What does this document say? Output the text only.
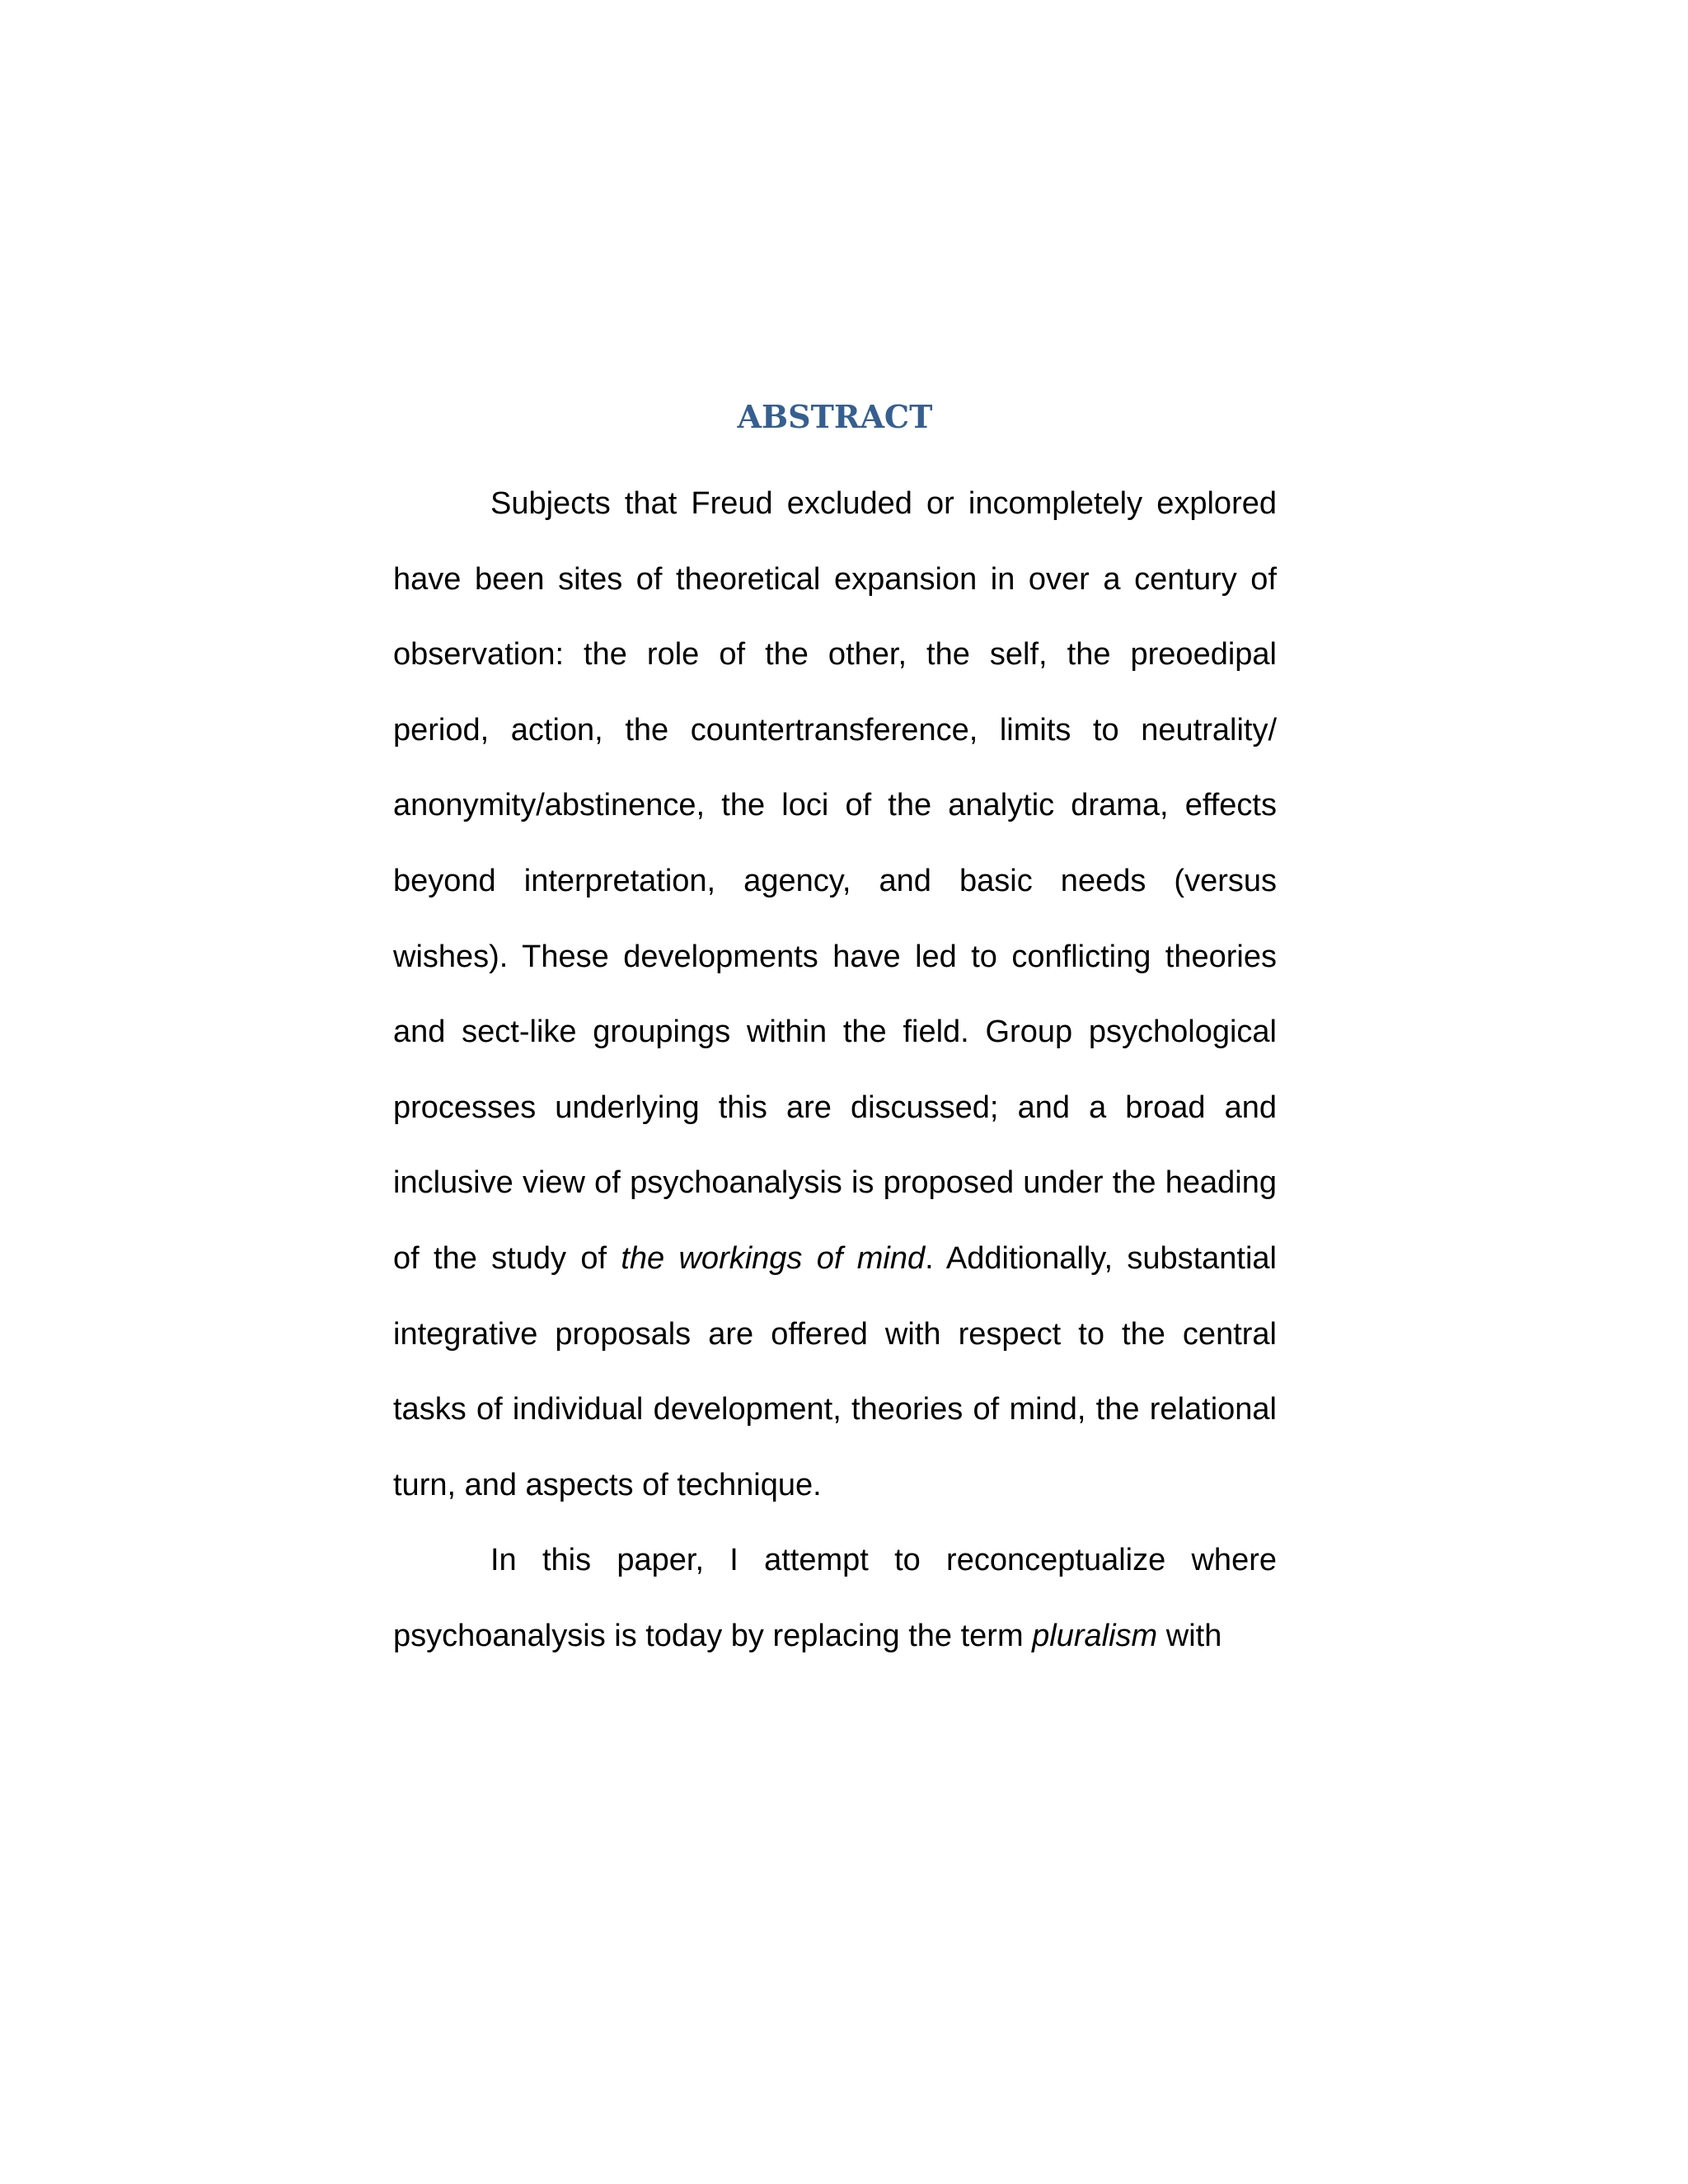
ABSTRACT

Subjects that Freud excluded or incompletely explored have been sites of theoretical expansion in over a century of observation: the role of the other, the self, the preoedipal period, action, the countertransference, limits to neutrality/ anonymity/abstinence, the loci of the analytic drama, effects beyond interpretation, agency, and basic needs (versus wishes). These developments have led to conflicting theories and sect-like groupings within the field. Group psychological processes underlying this are discussed; and a broad and inclusive view of psychoanalysis is proposed under the heading of the study of the workings of mind. Additionally, substantial integrative proposals are offered with respect to the central tasks of individual development, theories of mind, the relational turn, and aspects of technique.

In this paper, I attempt to reconceptualize where psychoanalysis is today by replacing the term pluralism with
